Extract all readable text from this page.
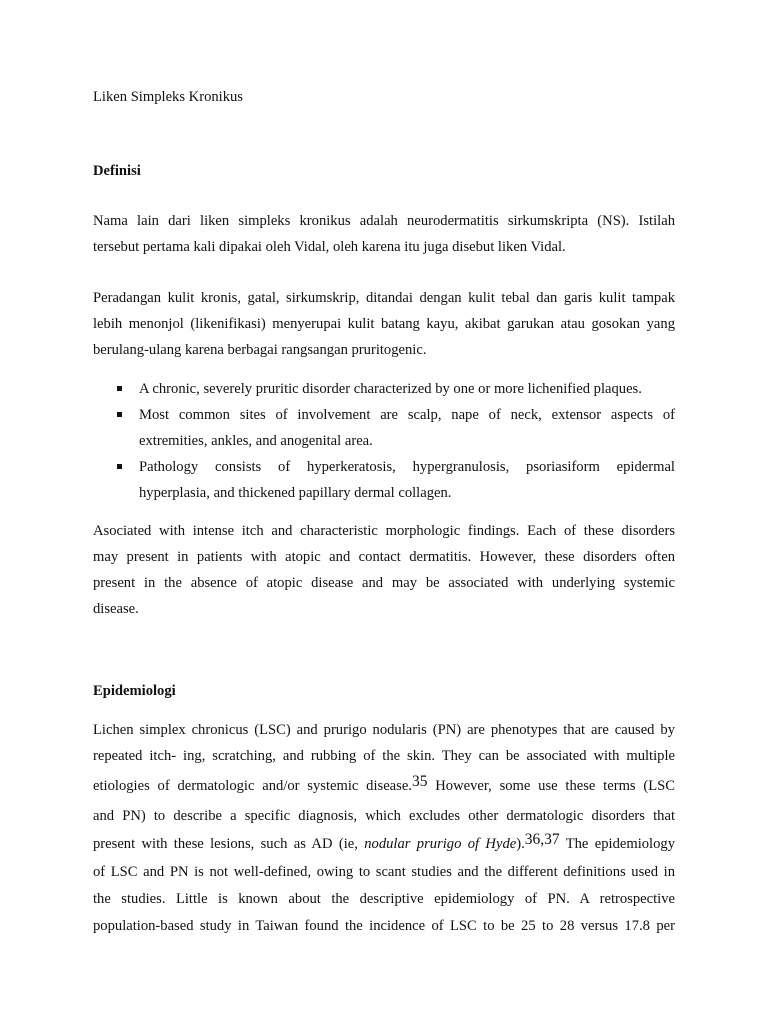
Liken Simpleks Kronikus

Definisi

Nama lain dari liken simpleks kronikus adalah neurodermatitis sirkumskripta (NS). Istilah
tersebut pertama kali dipakai oleh Vidal, oleh karena itu juga disebut liken Vidal.

Peradangan kulit kronis, gatal, sirkumskrip, ditandai dengan kulit tebal dan garis kulit tampak
lebih menonjol (likenifikasi) menyerupai kulit batang kayu, akibat garukan atau gosokan yang
berulang-ulang karena berbagai rangsangan pruritogenic.

A chronic, severely pruritic disorder characterized by one or more lichenified plaques.
Most common sites of involvement are scalp, nape of neck, extensor aspects of
extremities, ankles, and anogenital area.
Pathology consists of hyperkeratosis, hypergranulosis, psoriasiform epidermal
hyperplasia, and thickened papillary dermal collagen.

Asociated with intense itch and characteristic morphologic findings. Each of these disorders
may present in patients with atopic and contact dermatitis. However, these disorders often
present in the absence of atopic disease and may be associated with underlying systemic
disease.

Epidemiologi

Lichen simplex chronicus (LSC) and prurigo nodularis (PN) are phenotypes that are caused by
repeated itch- ing, scratching, and rubbing of the skin. They can be associated with multiple
etiologies of dermatologic and/or systemic disease.$^{35}$ However, some use these terms (LSC
and PN) to describe a specific diagnosis, which excludes other dermatologic disorders that
present with these lesions, such as AD (ie, nodular prurigo of Hyde).$^{36,37}$ The epidemiology
of LSC and PN is not well-defined, owing to scant studies and the different definitions used in
the studies. Little is known about the descriptive epidemiology of PN. A retrospective
population-based study in Taiwan found the incidence of LSC to be 25 to 28 versus 17.8 per
